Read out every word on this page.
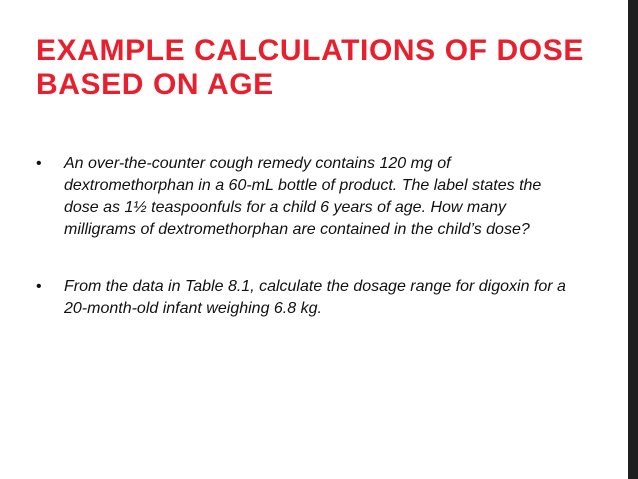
EXAMPLE CALCULATIONS OF DOSE BASED ON AGE
• An over-the-counter cough remedy contains 120 mg of dextromethorphan in a 60-mL bottle of product. The label states the dose as 1½ teaspoonfuls for a child 6 years of age. How many milligrams of dextromethorphan are contained in the child’s dose?
• From the data in Table 8.1, calculate the dosage range for digoxin for a 20-month-old infant weighing 6.8 kg.
